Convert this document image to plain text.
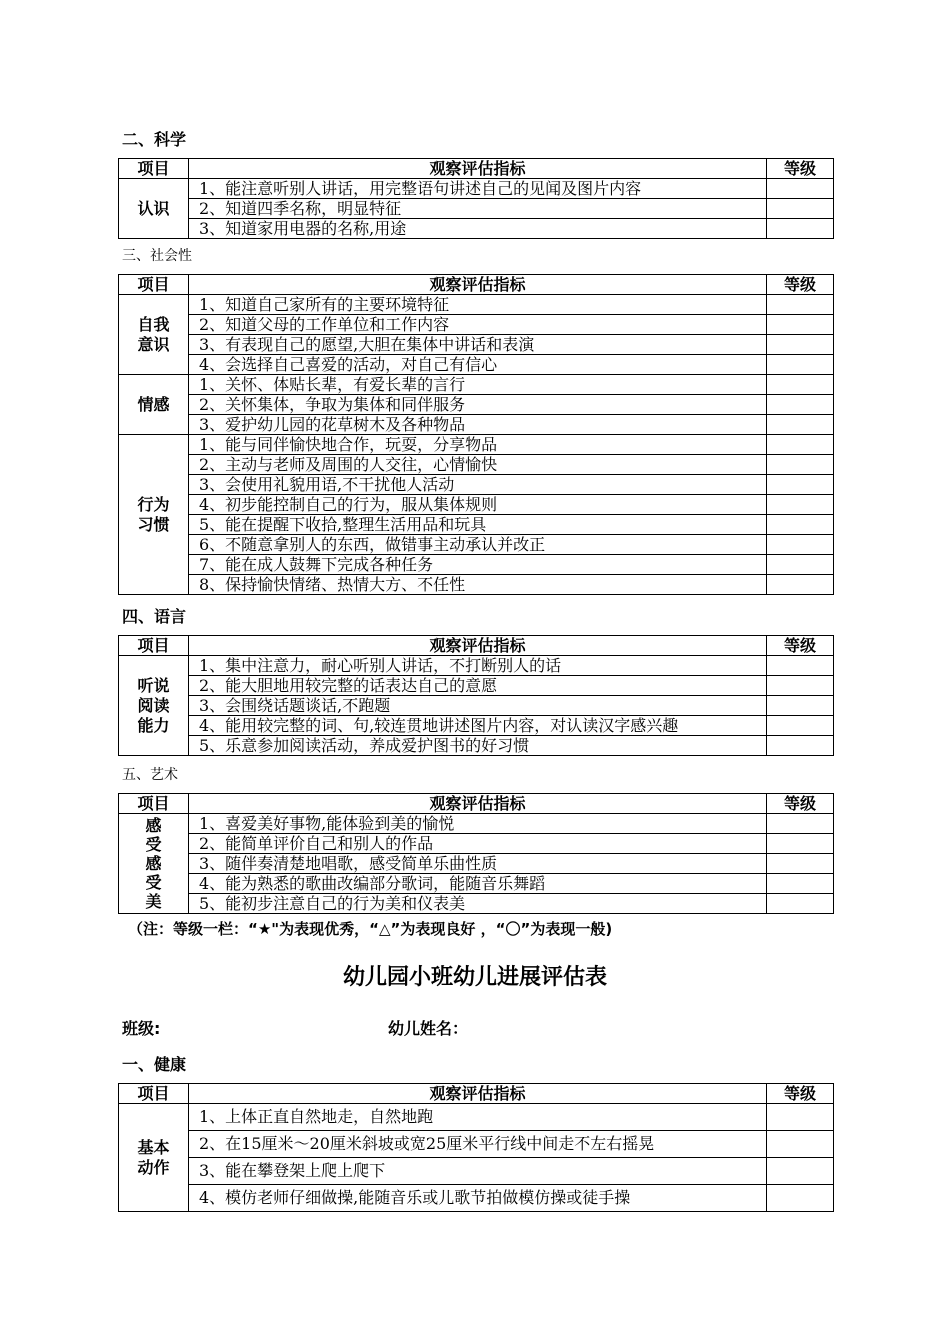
二、科学
项目	观察评估指标	等级

认识	1、能注意听别人讲话，用完整语句讲述自己的见闻及图片内容	
	2、知道四季名称，明显特征	
	3、知道家用电器的名称,用途	
三、社会性
项目	观察评估指标	等级

自我
意识	1、知道自己家所有的主要环境特征	
	2、知道父母的工作单位和工作内容	
	3、有表现自己的愿望,大胆在集体中讲话和表演	
	4、会选择自己喜爱的活动，对自己有信心	

情感	1、关怀、体贴长辈，有爱长辈的言行	
	2、关怀集体，争取为集体和同伴服务	
	3、爱护幼儿园的花草树木及各种物品	

行为
习惯	1、能与同伴愉快地合作，玩耍，分享物品	
	2、主动与老师及周围的人交往，心情愉快	
	3、会使用礼貌用语,不干扰他人活动	
	4、初步能控制自己的行为，服从集体规则	
	5、能在提醒下收拾,整理生活用品和玩具	
	6、不随意拿别人的东西，做错事主动承认并改正	
	7、能在成人鼓舞下完成各种任务	
	8、保持愉快情绪、热情大方、不任性	
四、语言
项目	观察评估指标	等级

听说
阅读
能力	1、集中注意力，耐心听别人讲话，不打断别人的话	
	2、能大胆地用较完整的话表达自己的意愿	
	3、会围绕话题谈话,不跑题	
	4、能用较完整的词、句,较连贯地讲述图片内容，对认读汉字感兴趣	
	5、乐意参加阅读活动，养成爱护图书的好习惯	
五、艺术
项目	观察评估指标	等级

感
受
感
受
美	1、喜爱美好事物,能体验到美的愉悦	
	2、能简单评价自己和别人的作品	
	3、随伴奏清楚地唱歌，感受简单乐曲性质	
	4、能为熟悉的歌曲改编部分歌词，能随音乐舞蹈	
	5、能初步注意自己的行为美和仪表美	
（注：等级一栏：“★"为表现优秀，“△”为表现良好 ，“〇”为表现一般)
幼儿园小班幼儿进展评估表
班级:	幼儿姓名：
一、健康
项目	观察评估指标	等级

基本
动作	1、上体正直自然地走，自然地跑	
	2、在15厘米～20厘米斜坡或宽25厘米平行线中间走不左右摇晃	
	3、能在攀登架上爬上爬下	
	4、模仿老师仔细做操,能随音乐或儿歌节拍做模仿操或徒手操	
